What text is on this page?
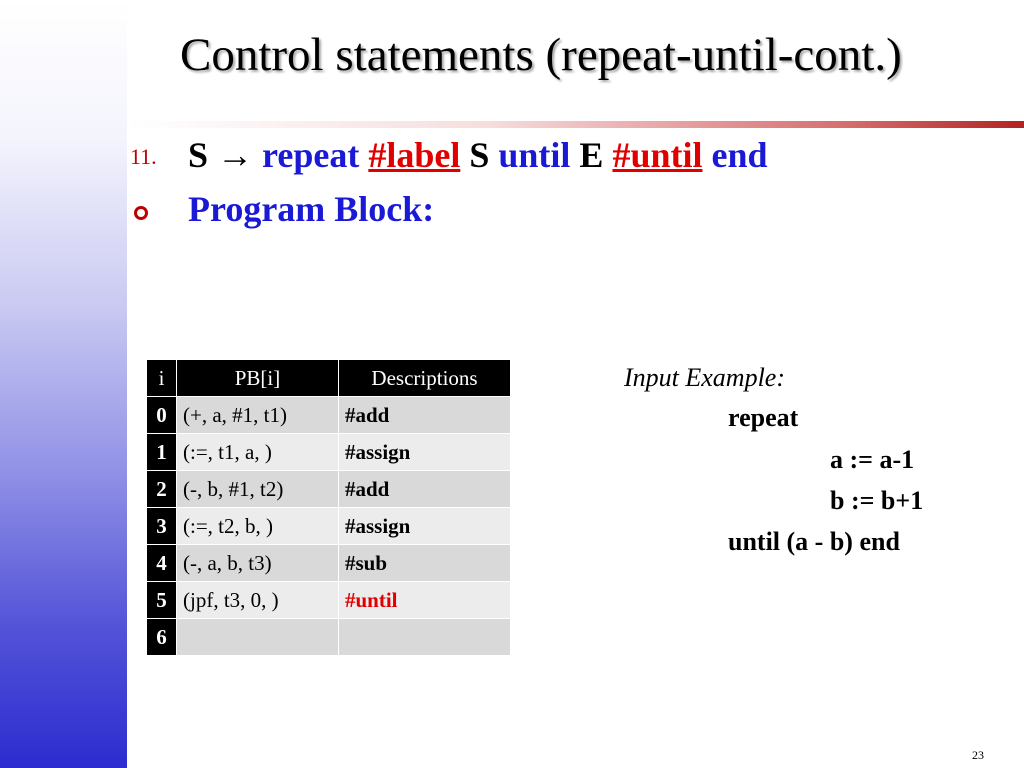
Control statements (repeat-until-cont.)
11. S → repeat #label S until E #until end
Program Block:
i	PB[i]	Descriptions
0	(+, a, #1, t1)	#add
1	(:=, t1, a, )	#assign
2	(-, b, #1, t2)	#add
3	(:=, t2, b, )	#assign
4	(-, a, b, t3)	#sub
5	(jpf, t3, 0, )	#until
6		
Input Example:
repeat
a := a-1
b := b+1
until (a - b) end
23
